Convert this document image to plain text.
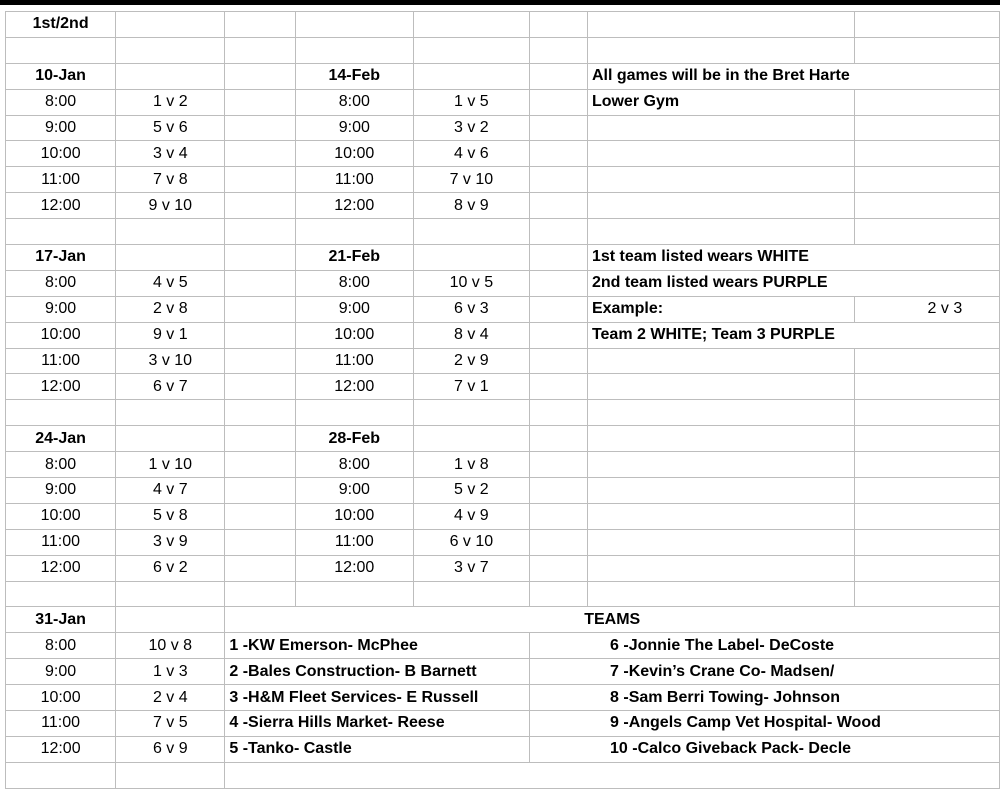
1st/2nd							

10-Jan			14-Feb			All games will be in the Bret Harte	
8:00	1 v 2		8:00	1 v 5		Lower Gym	
9:00	5 v 6		9:00	3 v 2			
10:00	3 v 4		10:00	4 v 6			
11:00	7 v 8		11:00	7 v 10			
12:00	9 v 10		12:00	8 v 9			

17-Jan			21-Feb			1st team listed wears WHITE	
8:00	4 v 5		8:00	10 v 5		2nd team listed wears PURPLE	
9:00	2 v 8		9:00	6 v 3		Example:	2 v 3
10:00	9 v 1		10:00	8 v 4		Team 2 WHITE; Team 3 PURPLE	
11:00	3 v 10		11:00	2 v 9			
12:00	6 v 7		12:00	7 v 1			

24-Jan			28-Feb				
8:00	1 v 10		8:00	1 v 8			
9:00	4 v 7		9:00	5 v 2			
10:00	5 v 8		10:00	4 v 9			
11:00	3 v 9		11:00	6 v 10			
12:00	6 v 2		12:00	3 v 7			

31-Jan		TEAMS					
8:00	10 v 8	1 -KW Emerson- McPhee			6 -Jonnie The Label- DeCoste		
9:00	1 v 3	2 -Bales Construction- B Barnett			7 -Kevin’s Crane Co- Madsen/		
10:00	2 v 4	3 -H&M Fleet Services- E Russell			8 -Sam Berri Towing- Johnson		
11:00	7 v 5	4 -Sierra Hills Market- Reese			9 -Angels Camp Vet Hospital- Wood		
12:00	6 v 9	5 -Tanko- Castle			10 -Calco Giveback Pack- Decle		
